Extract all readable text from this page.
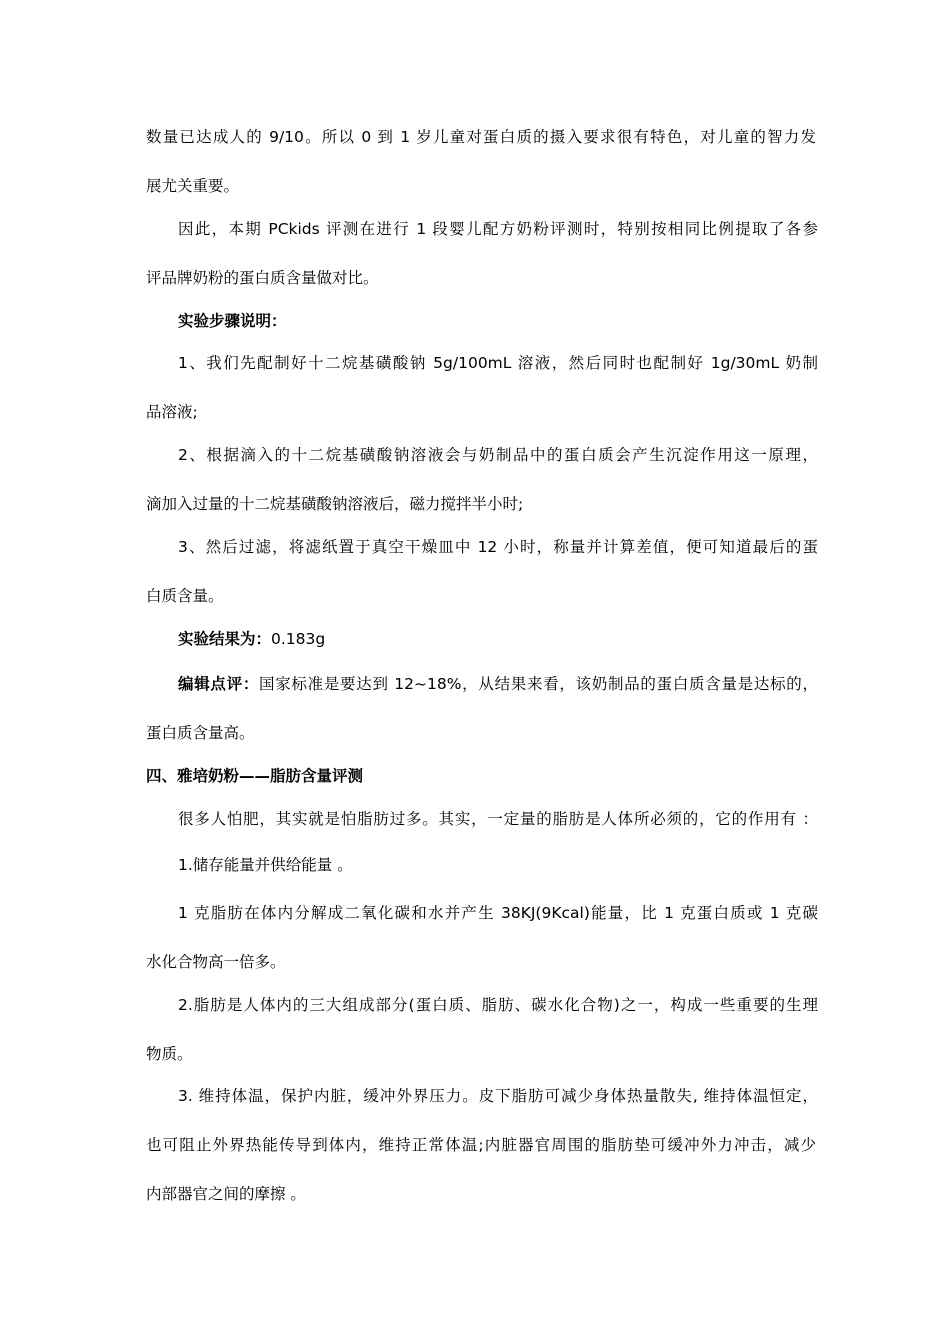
数量已达成人的 9/10。所以 0 到 1 岁儿童对蛋白质的摄入要求很有特色，对儿童的智力发

展尤关重要。

因此，本期 PCkids 评测在进行 1 段婴儿配方奶粉评测时，特别按相同比例提取了各参

评品牌奶粉的蛋白质含量做对比。

实验步骤说明：

1、我们先配制好十二烷基磺酸钠 5g/100mL 溶液，然后同时也配制好 1g/30mL 奶制

品溶液;

2、根据滴入的十二烷基磺酸钠溶液会与奶制品中的蛋白质会产生沉淀作用这一原理，

滴加入过量的十二烷基磺酸钠溶液后，磁力搅拌半小时;

3、然后过滤，将滤纸置于真空干燥皿中 12 小时，称量并计算差值，便可知道最后的蛋

白质含量。

实验结果为：0.183g

编辑点评：国家标准是要达到 12~18%，从结果来看，该奶制品的蛋白质含量是达标的，

蛋白质含量高。

四、雅培奶粉——脂肪含量评测

很多人怕肥，其实就是怕脂肪过多。其实，一定量的脂肪是人体所必须的，它的作用有 ：

1.储存能量并供给能量 。

1 克脂肪在体内分解成二氧化碳和水并产生 38KJ(9Kcal)能量，比 1 克蛋白质或 1 克碳

水化合物高一倍多。

2.脂肪是人体内的三大组成部分(蛋白质、脂肪、碳水化合物)之一，构成一些重要的生理

物质。

3. 维持体温，保护内脏，缓冲外界压力。皮下脂肪可减少身体热量散失, 维持体温恒定，

也可阻止外界热能传导到体内，维持正常体温;内脏器官周围的脂肪垫可缓冲外力冲击，减少

内部器官之间的摩擦 。
